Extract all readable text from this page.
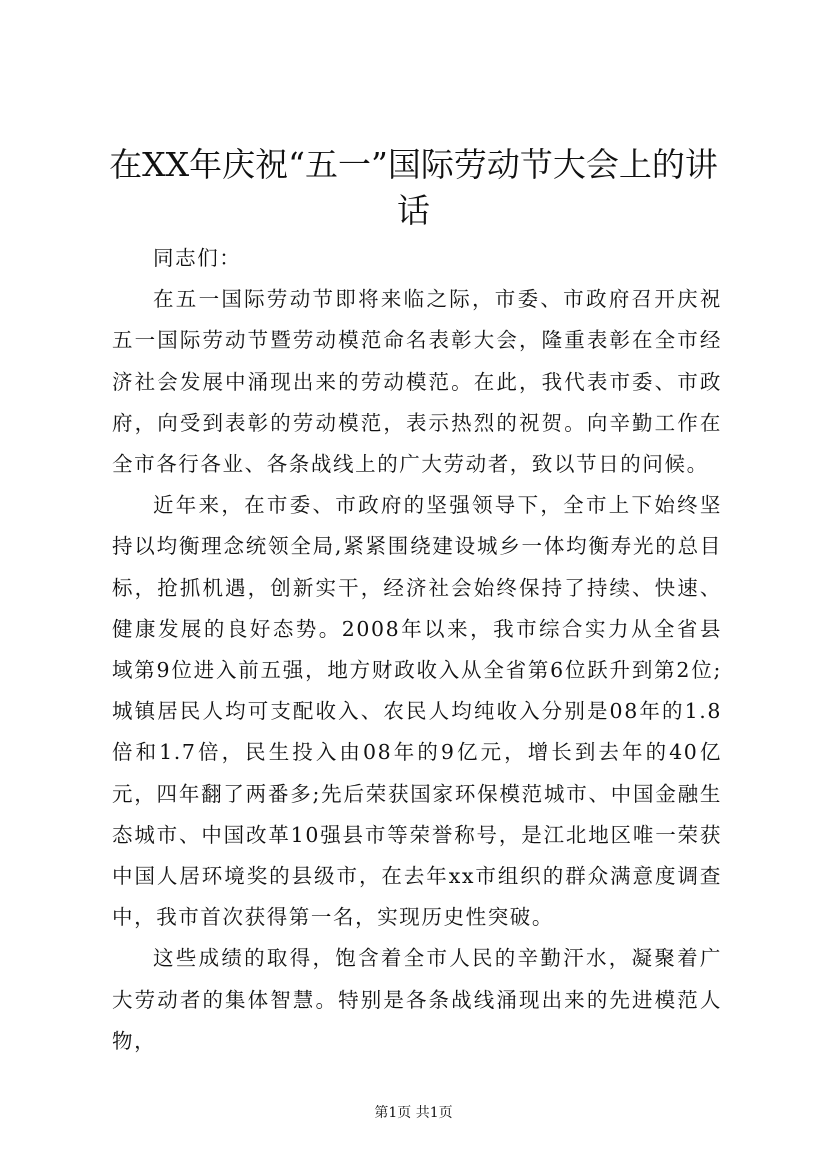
在XX年庆祝“五一”国际劳动节大会上的讲话

同志们：

在五一国际劳动节即将来临之际，市委、市政府召开庆祝五一国际劳动节暨劳动模范命名表彰大会，隆重表彰在全市经济社会发展中涌现出来的劳动模范。在此，我代表市委、市政府，向受到表彰的劳动模范，表示热烈的祝贺。向辛勤工作在全市各行各业、各条战线上的广大劳动者，致以节日的问候。

近年来，在市委、市政府的坚强领导下，全市上下始终坚持以均衡理念统领全局,紧紧围绕建设城乡一体均衡寿光的总目标，抢抓机遇，创新实干，经济社会始终保持了持续、快速、健康发展的良好态势。2008年以来，我市综合实力从全省县域第9位进入前五强，地方财政收入从全省第6位跃升到第2位;城镇居民人均可支配收入、农民人均纯收入分别是08年的1.8倍和1.7倍，民生投入由08年的9亿元，增长到去年的40亿元，四年翻了两番多;先后荣获国家环保模范城市、中国金融生态城市、中国改革10强县市等荣誉称号，是江北地区唯一荣获中国人居环境奖的县级市，在去年xx市组织的群众满意度调查中，我市首次获得第一名，实现历史性突破。

这些成绩的取得，饱含着全市人民的辛勤汗水，凝聚着广大劳动者的集体智慧。特别是各条战线涌现出来的先进模范人物，

第1页 共1页
